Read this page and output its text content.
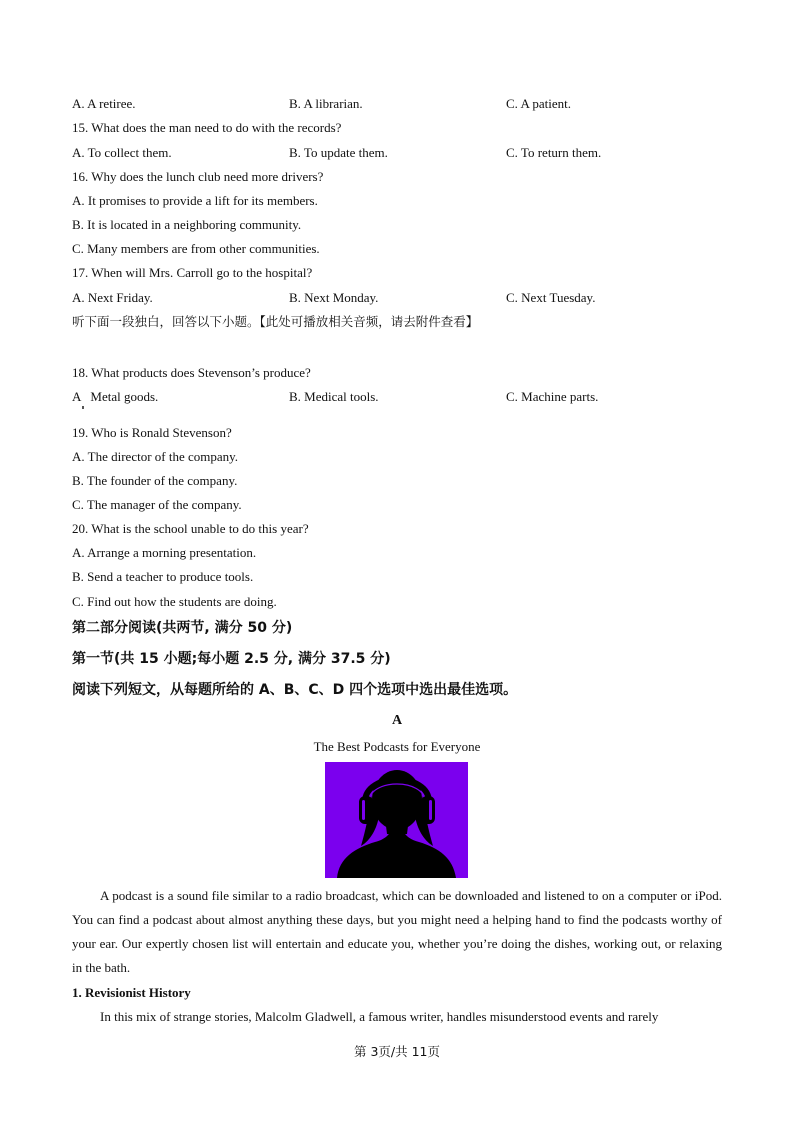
A. A retiree.	B. A librarian.	C. A patient.
15. What does the man need to do with the records?
A. To collect them.	B. To update them.	C. To return them.
16. Why does the lunch club need more drivers?
A. It promises to provide a lift for its members.
B. It is located in a neighboring community.
C. Many members are from other communities.
17. When will Mrs. Carroll go to the hospital?
A. Next Friday.	B. Next Monday.	C. Next Tuesday.
听下面一段独白，回答以下小题。【此处可播放相关音频，请去附件查看】
18. What products does Stevenson’s produce?
A   Metal goods.	B. Medical tools.	C. Machine parts.
19. Who is Ronald Stevenson?
A. The director of the company.
B. The founder of the company.
C. The manager of the company.
20. What is the school unable to do this year?
A. Arrange a morning presentation.
B. Send a teacher to produce tools.
C. Find out how the students are doing.
第二部分阅读(共两节, 满分 50 分)
第一节(共 15 小题;每小题 2.5 分, 满分 37.5 分)
阅读下列短文，从每题所给的 A、B、C、D 四个选项中选出最佳选项。
A
The Best Podcasts for Everyone
A podcast is a sound file similar to a radio broadcast, which can be downloaded and listened to on a computer or iPod. You can find a podcast about almost anything these days, but you might need a helping hand to find the podcasts worthy of your ear. Our expertly chosen list will entertain and educate you, whether you’re doing the dishes, working out, or relaxing in the bath.
1. Revisionist History
In this mix of strange stories, Malcolm Gladwell, a famous writer, handles misunderstood events and rarely
第 3页/共 11页
